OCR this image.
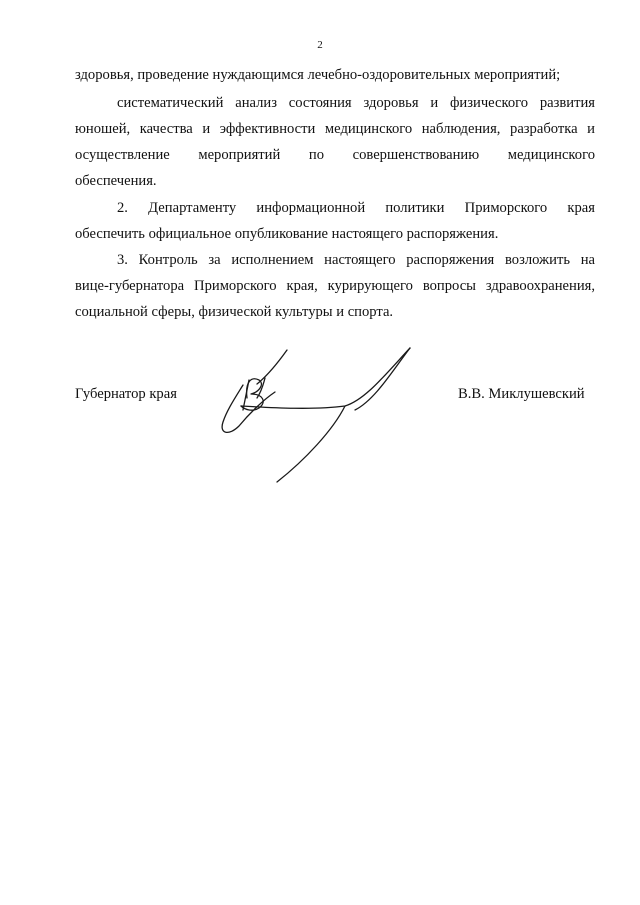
2
здоровья, проведение нуждающимся лечебно-оздоровительных мероприятий;
систематический анализ состояния здоровья и физического развития
юношей, качества и эффективности медицинского наблюдения, разработка и
осуществление мероприятий по совершенствованию медицинского
обеспечения.
2. Департаменту информационной политики Приморского края
обеспечить официальное опубликование настоящего распоряжения.
3. Контроль за исполнением настоящего распоряжения возложить на
вице-губернатора Приморского края, курирующего вопросы здравоохранения,
социальной сферы, физической культуры и спорта.
Губернатор края	В.В. Миклушевский
